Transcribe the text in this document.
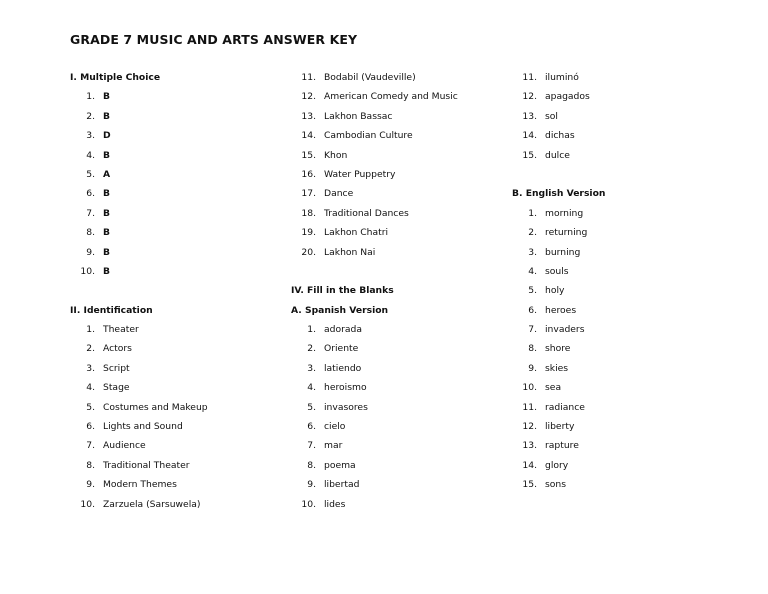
GRADE 7 MUSIC AND ARTS ANSWER KEY
I. Multiple Choice
1. B
2. B
3. D
4. B
5. A
6. B
7. B
8. B
9. B
10. B
II. Identification
1. Theater
2. Actors
3. Script
4. Stage
5. Costumes and Makeup
6. Lights and Sound
7. Audience
8. Traditional Theater
9. Modern Themes
10. Zarzuela (Sarsuwela)
11. Bodabil (Vaudeville)
12. American Comedy and Music
13. Lakhon Bassac
14. Cambodian Culture
15. Khon
16. Water Puppetry
17. Dance
18. Traditional Dances
19. Lakhon Chatri
20. Lakhon Nai
IV. Fill in the Blanks
A. Spanish Version
1. adorada
2. Oriente
3. latiendo
4. heroismo
5. invasores
6. cielo
7. mar
8. poema
9. libertad
10. lides
11. iluminó
12. apagados
13. sol
14. dichas
15. dulce
B. English Version
1. morning
2. returning
3. burning
4. souls
5. holy
6. heroes
7. invaders
8. shore
9. skies
10. sea
11. radiance
12. liberty
13. rapture
14. glory
15. sons
